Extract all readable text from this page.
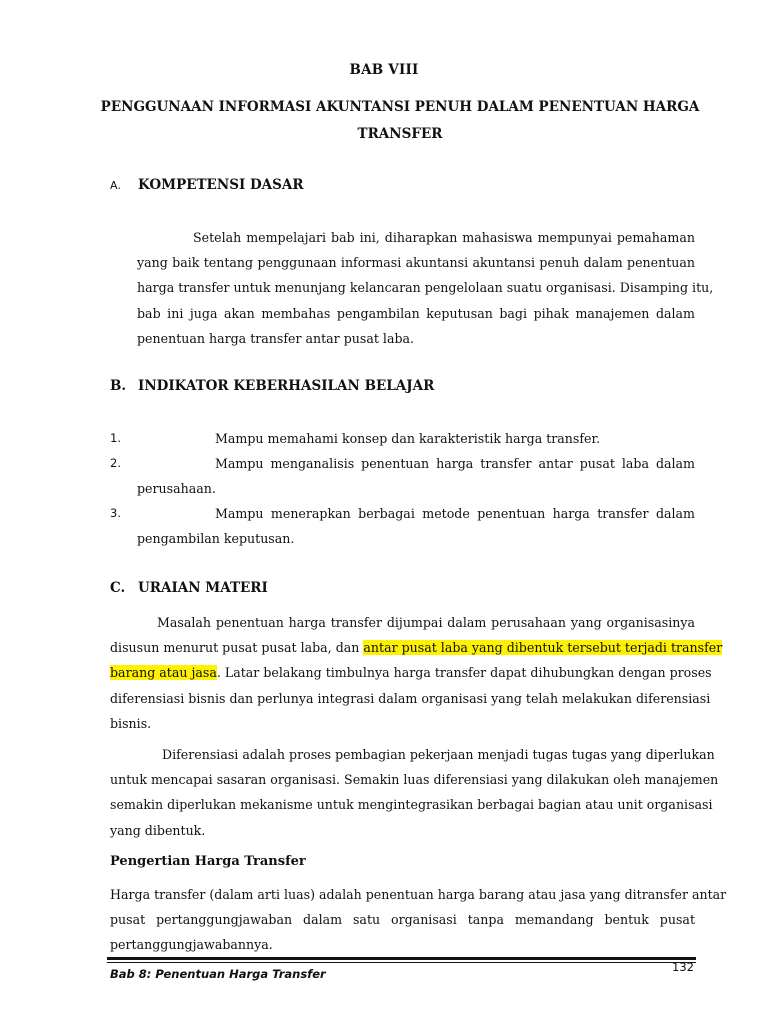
BAB VIII
PENGGUNAAN INFORMASI AKUNTANSI PENUH DALAM PENENTUAN HARGA
TRANSFER
A. KOMPETENSI DASAR
Setelah mempelajari bab ini, diharapkan mahasiswa mempunyai pemahaman
yang baik tentang penggunaan informasi akuntansi akuntansi penuh dalam penentuan
harga transfer untuk menunjang kelancaran pengelolaan suatu organisasi. Disamping itu,
bab ini juga akan membahas pengambilan keputusan bagi pihak manajemen dalam
penentuan harga transfer antar pusat laba.
B. INDIKATOR KEBERHASILAN BELAJAR
1.	Mampu memahami konsep dan karakteristik harga transfer.
2.	Mampu menganalisis penentuan harga transfer antar pusat laba dalam
perusahaan.
3.	Mampu menerapkan berbagai metode penentuan harga transfer dalam
pengambilan keputusan.
C. URAIAN MATERI
Masalah penentuan harga transfer dijumpai dalam perusahaan yang organisasinya
disusun menurut pusat pusat laba, dan antar pusat laba yang dibentuk tersebut terjadi transfer
barang atau jasa. Latar belakang timbulnya harga transfer dapat dihubungkan dengan proses
diferensiasi bisnis dan perlunya integrasi dalam organisasi yang telah melakukan diferensiasi
bisnis.
Diferensiasi adalah proses pembagian pekerjaan menjadi tugas tugas yang diperlukan
untuk mencapai sasaran organisasi. Semakin luas diferensiasi yang dilakukan oleh manajemen
semakin diperlukan mekanisme untuk mengintegrasikan berbagai bagian atau unit organisasi
yang dibentuk.
Pengertian Harga Transfer
Harga transfer (dalam arti luas) adalah penentuan harga barang atau jasa yang ditransfer antar
pusat pertanggungjawaban dalam satu organisasi tanpa memandang bentuk pusat
pertanggungjawabannya.
Bab 8: Penentuan Harga Transfer	132
